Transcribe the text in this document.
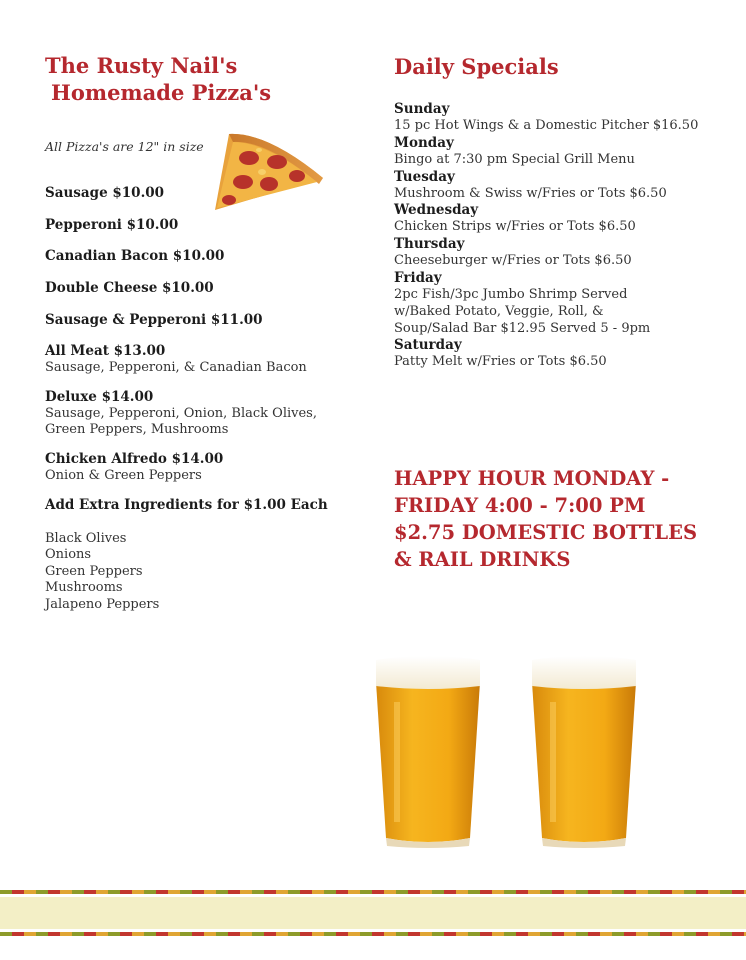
The Rusty Nail's
Homemade Pizza's
All Pizza's are 12" in size
Sausage $10.00
Pepperoni $10.00
Canadian Bacon $10.00
Double Cheese $10.00
Sausage & Pepperoni $11.00
All Meat $13.00
Sausage, Pepperoni, & Canadian Bacon
Deluxe $14.00
Sausage, Pepperoni, Onion, Black Olives, Green Peppers, Mushrooms
Chicken Alfredo $14.00
Onion & Green Peppers
Add Extra Ingredients for $1.00 Each
Black Olives
Onions
Green Peppers
Mushrooms
Jalapeno Peppers
Daily Specials
Sunday
15 pc Hot Wings & a Domestic Pitcher $16.50
Monday
Bingo at 7:30 pm Special Grill Menu
Tuesday
Mushroom & Swiss w/Fries or Tots $6.50
Wednesday
Chicken Strips w/Fries or Tots $6.50
Thursday
Cheeseburger w/Fries or Tots $6.50
Friday
2pc Fish/3pc Jumbo Shrimp Served w/Baked Potato, Veggie, Roll, & Soup/Salad Bar $12.95 Served 5 - 9pm
Saturday
Patty Melt w/Fries or Tots $6.50
HAPPY HOUR MONDAY -
FRIDAY 4:00 - 7:00 PM
$2.75 DOMESTIC BOTTLES
& RAIL DRINKS
